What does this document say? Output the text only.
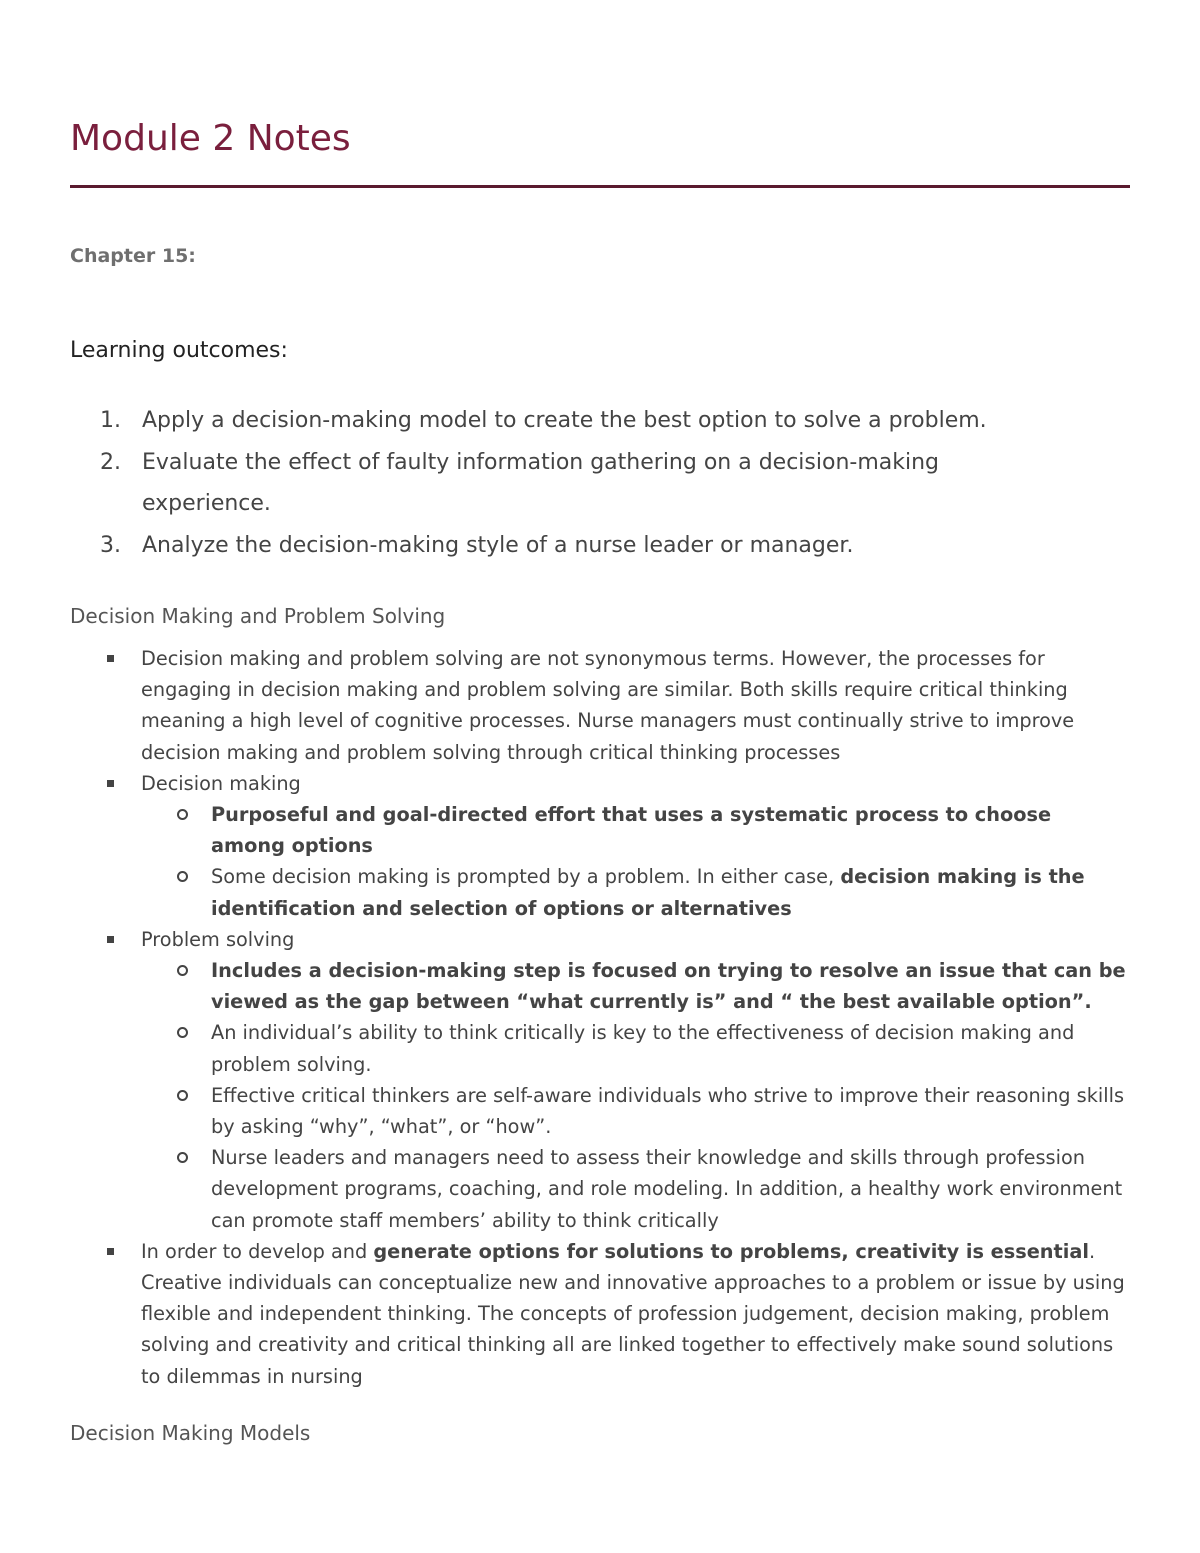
Module 2 Notes

Chapter 15:

Learning outcomes:

1. Apply a decision-making model to create the best option to solve a problem.
2. Evaluate the effect of faulty information gathering on a decision-making experience.
3. Analyze the decision-making style of a nurse leader or manager.

Decision Making and Problem Solving

Decision making and problem solving are not synonymous terms. However, the processes for engaging in decision making and problem solving are similar. Both skills require critical thinking meaning a high level of cognitive processes. Nurse managers must continually strive to improve decision making and problem solving through critical thinking processes
Decision making
Purposeful and goal-directed effort that uses a systematic process to choose among options
Some decision making is prompted by a problem. In either case, decision making is the identification and selection of options or alternatives
Problem solving
Includes a decision-making step is focused on trying to resolve an issue that can be viewed as the gap between “what currently is” and “ the best available option”.
An individual’s ability to think critically is key to the effectiveness of decision making and problem solving.
Effective critical thinkers are self-aware individuals who strive to improve their reasoning skills by asking “why”, “what”, or “how”.
Nurse leaders and managers need to assess their knowledge and skills through profession development programs, coaching, and role modeling. In addition, a healthy work environment can promote staff members’ ability to think critically
In order to develop and generate options for solutions to problems, creativity is essential. Creative individuals can conceptualize new and innovative approaches to a problem or issue by using flexible and independent thinking. The concepts of profession judgement, decision making, problem solving and creativity and critical thinking all are linked together to effectively make sound solutions to dilemmas in nursing

Decision Making Models
